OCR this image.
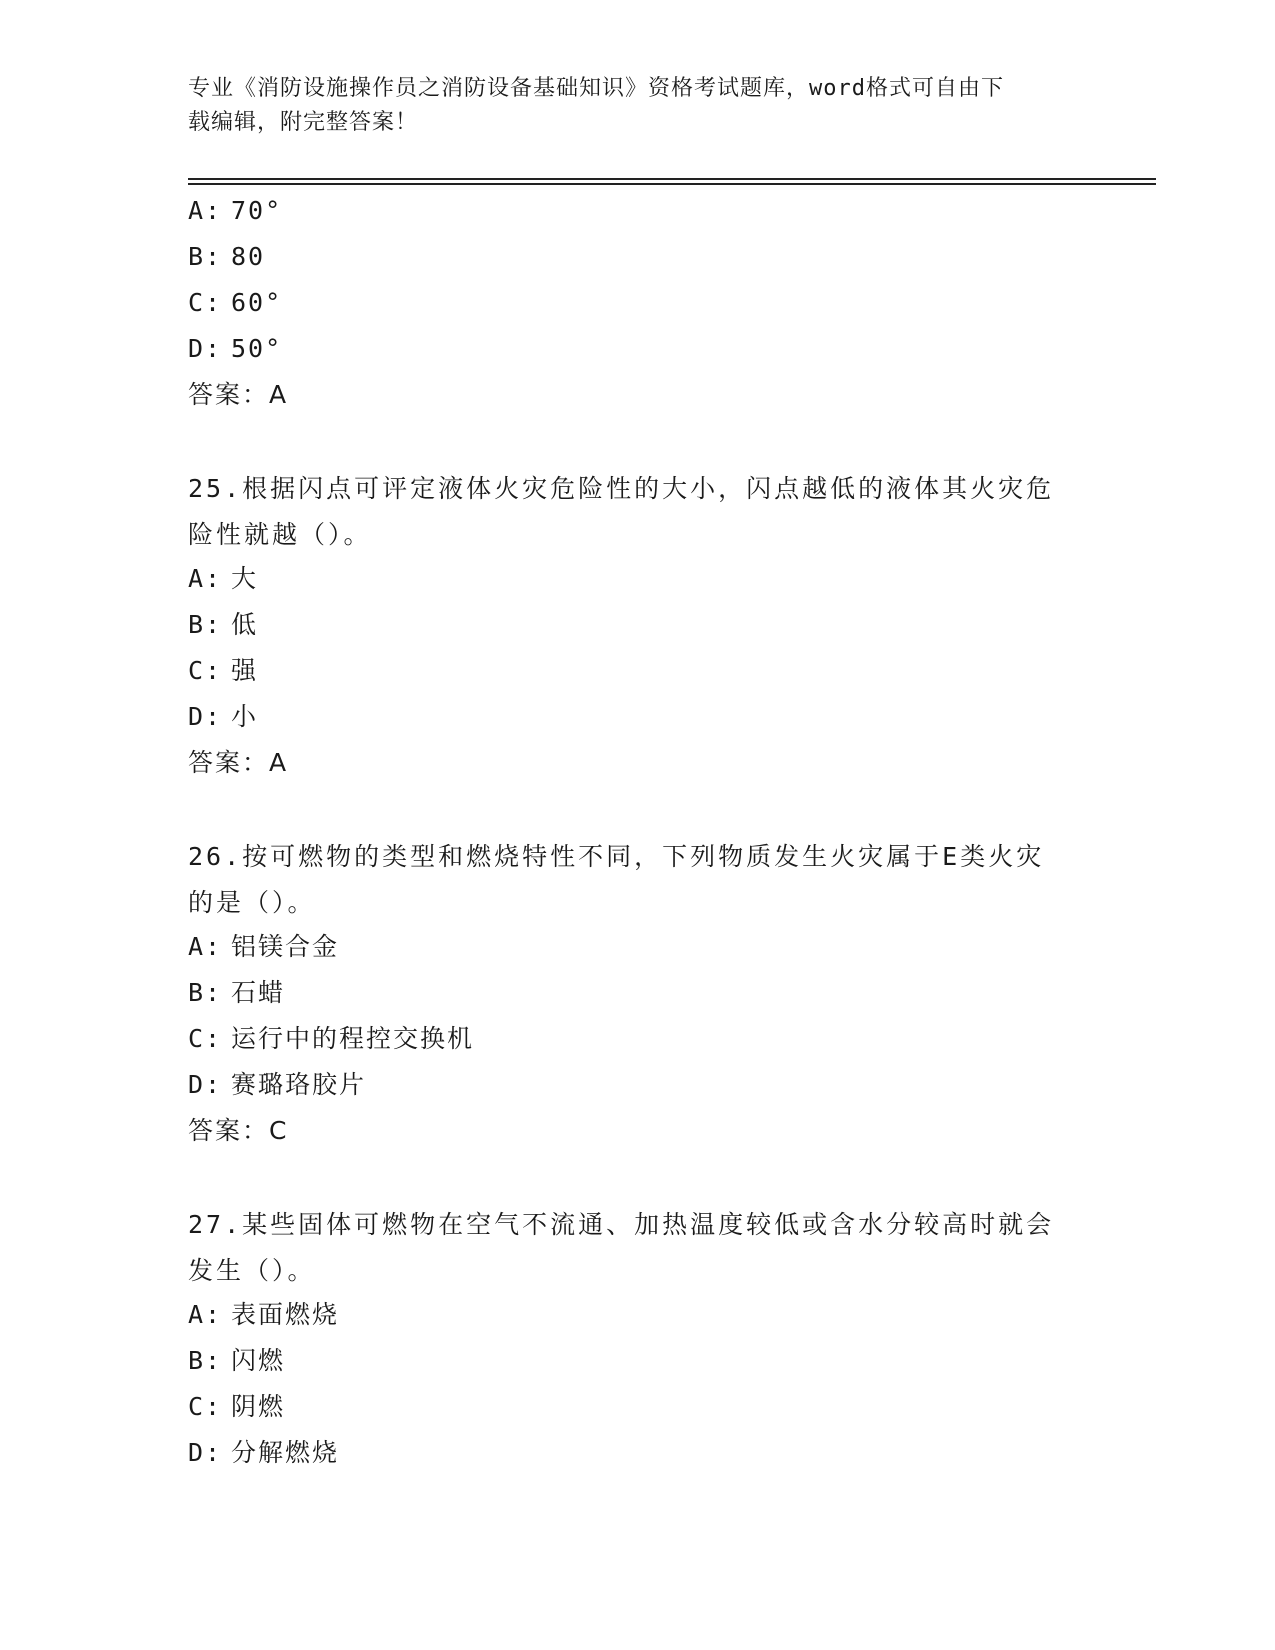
专业《消防设施操作员之消防设备基础知识》资格考试题库，word格式可自由下
载编辑，附完整答案！
A: 70°
B: 80
C: 60°
D: 50°
答案：A
25.根据闪点可评定液体火灾危险性的大小，闪点越低的液体其火灾危险性就越（）。
A: 大
B: 低
C: 强
D: 小
答案：A
26.按可燃物的类型和燃烧特性不同，下列物质发生火灾属于E类火灾的是（）。
A: 铝镁合金
B: 石蜡
C: 运行中的程控交换机
D: 赛璐珞胶片
答案：C
27.某些固体可燃物在空气不流通、加热温度较低或含水分较高时就会发生（）。
A: 表面燃烧
B: 闪燃
C: 阴燃
D: 分解燃烧
